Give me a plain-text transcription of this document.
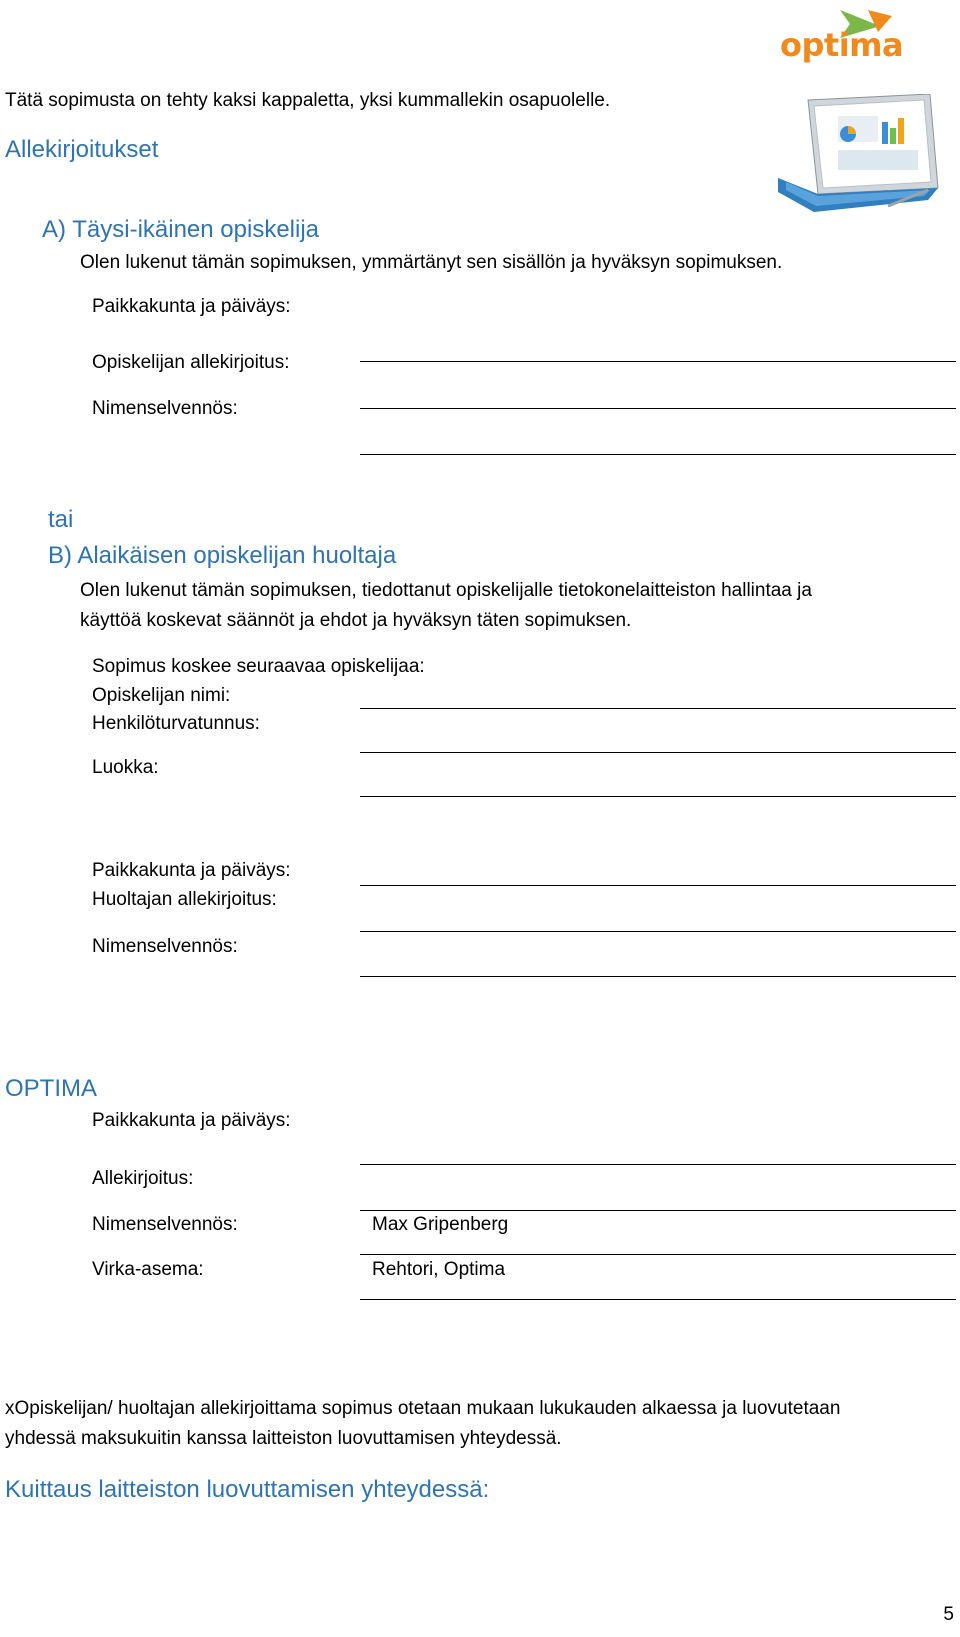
optima
Tätä sopimusta on tehty kaksi kappaletta, yksi kummallekin osapuolelle.
Allekirjoitukset
A) Täysi-ikäinen opiskelija
Olen lukenut tämän sopimuksen, ymmärtänyt sen sisällön ja hyväksyn sopimuksen.
Paikkakunta ja päiväys:
Opiskelijan allekirjoitus:
Nimenselvennös:
tai
B) Alaikäisen opiskelijan huoltaja
Olen lukenut tämän sopimuksen, tiedottanut opiskelijalle tietokonelaitteiston hallintaa ja
käyttöä koskevat säännöt ja ehdot ja hyväksyn täten sopimuksen.
Sopimus koskee seuraavaa opiskelijaa:
Opiskelijan nimi:
Henkilöturvatunnus:
Luokka:
Paikkakunta ja päiväys:
Huoltajan allekirjoitus:
Nimenselvennös:
OPTIMA
Paikkakunta ja päiväys:
Allekirjoitus:
Nimenselvennös:	Max Gripenberg
Virka-asema:	Rehtori, Optima
xOpiskelijan/ huoltajan allekirjoittama sopimus otetaan mukaan lukukauden alkaessa ja luovutetaan
yhdessä maksukuitin kanssa laitteiston luovuttamisen yhteydessä.
Kuittaus laitteiston luovuttamisen yhteydessä:
5
